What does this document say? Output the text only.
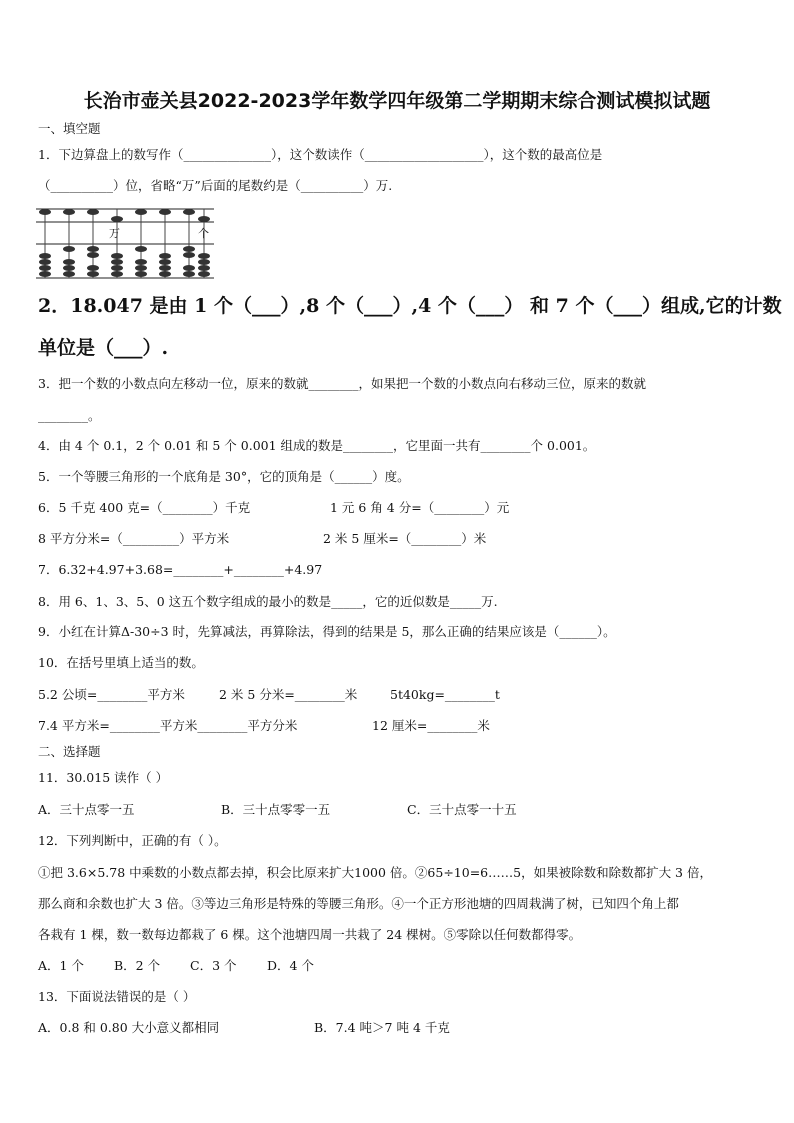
长治市壶关县2022-2023学年数学四年级第二学期期末综合测试模拟试题
一、填空题
1．下边算盘上的数写作（______________），这个数读作（___________________），这个数的最高位是
（__________）位，省略“万”后面的尾数约是（__________）万.
万	个
2．18.047 是由 1 个（___）,8 个（___）,4 个（___） 和 7 个（___）组成,它的计数
单位是（___）.
3．把一个数的小数点向左移动一位，原来的数就________，如果把一个数的小数点向右移动三位，原来的数就
________。
4．由 4 个 0.1，2 个 0.01 和 5 个 0.001 组成的数是________，它里面一共有________个 0.001。
5．一个等腰三角形的一个底角是 30°，它的顶角是（______）度。
6．5 千克 400 克=（________）千克	1 元 6 角 4 分=（________）元
8 平方分米=（_________）平方米	2 米 5 厘米=（________）米
7．6.32+4.97+3.68=________+________+4.97
8．用 6、1、3、5、0 这五个数字组成的最小的数是_____，它的近似数是_____万.
9．小红在计算Δ-30÷3 时，先算减法，再算除法，得到的结果是 5，那么正确的结果应该是（______）。
10．在括号里填上适当的数。
5.2 公顷=________平方米	2 米 5 分米=________米	5t40kg=________t
7.4 平方米=________平方米________平方分米	12 厘米=________米
二、选择题
11．30.015 读作（ ）
A．三十点零一五	B．三十点零零一五	C．三十点零一十五
12．下列判断中，正确的有（ ）。
①把 3.6×5.78 中乘数的小数点都去掉，积会比原来扩大1000 倍。②65÷10=6……5，如果被除数和除数都扩大 3 倍，
那么商和余数也扩大 3 倍。③等边三角形是特殊的等腰三角形。④一个正方形池塘的四周栽满了树，已知四个角上都
各栽有 1 棵，数一数每边都栽了 6 棵。这个池塘四周一共栽了 24 棵树。⑤零除以任何数都得零。
A．1 个 B．2 个 C．3 个 D．4 个
13．下面说法错误的是（ ）
A．0.8 和 0.80 大小意义都相同	B．7.4 吨＞7 吨 4 千克
